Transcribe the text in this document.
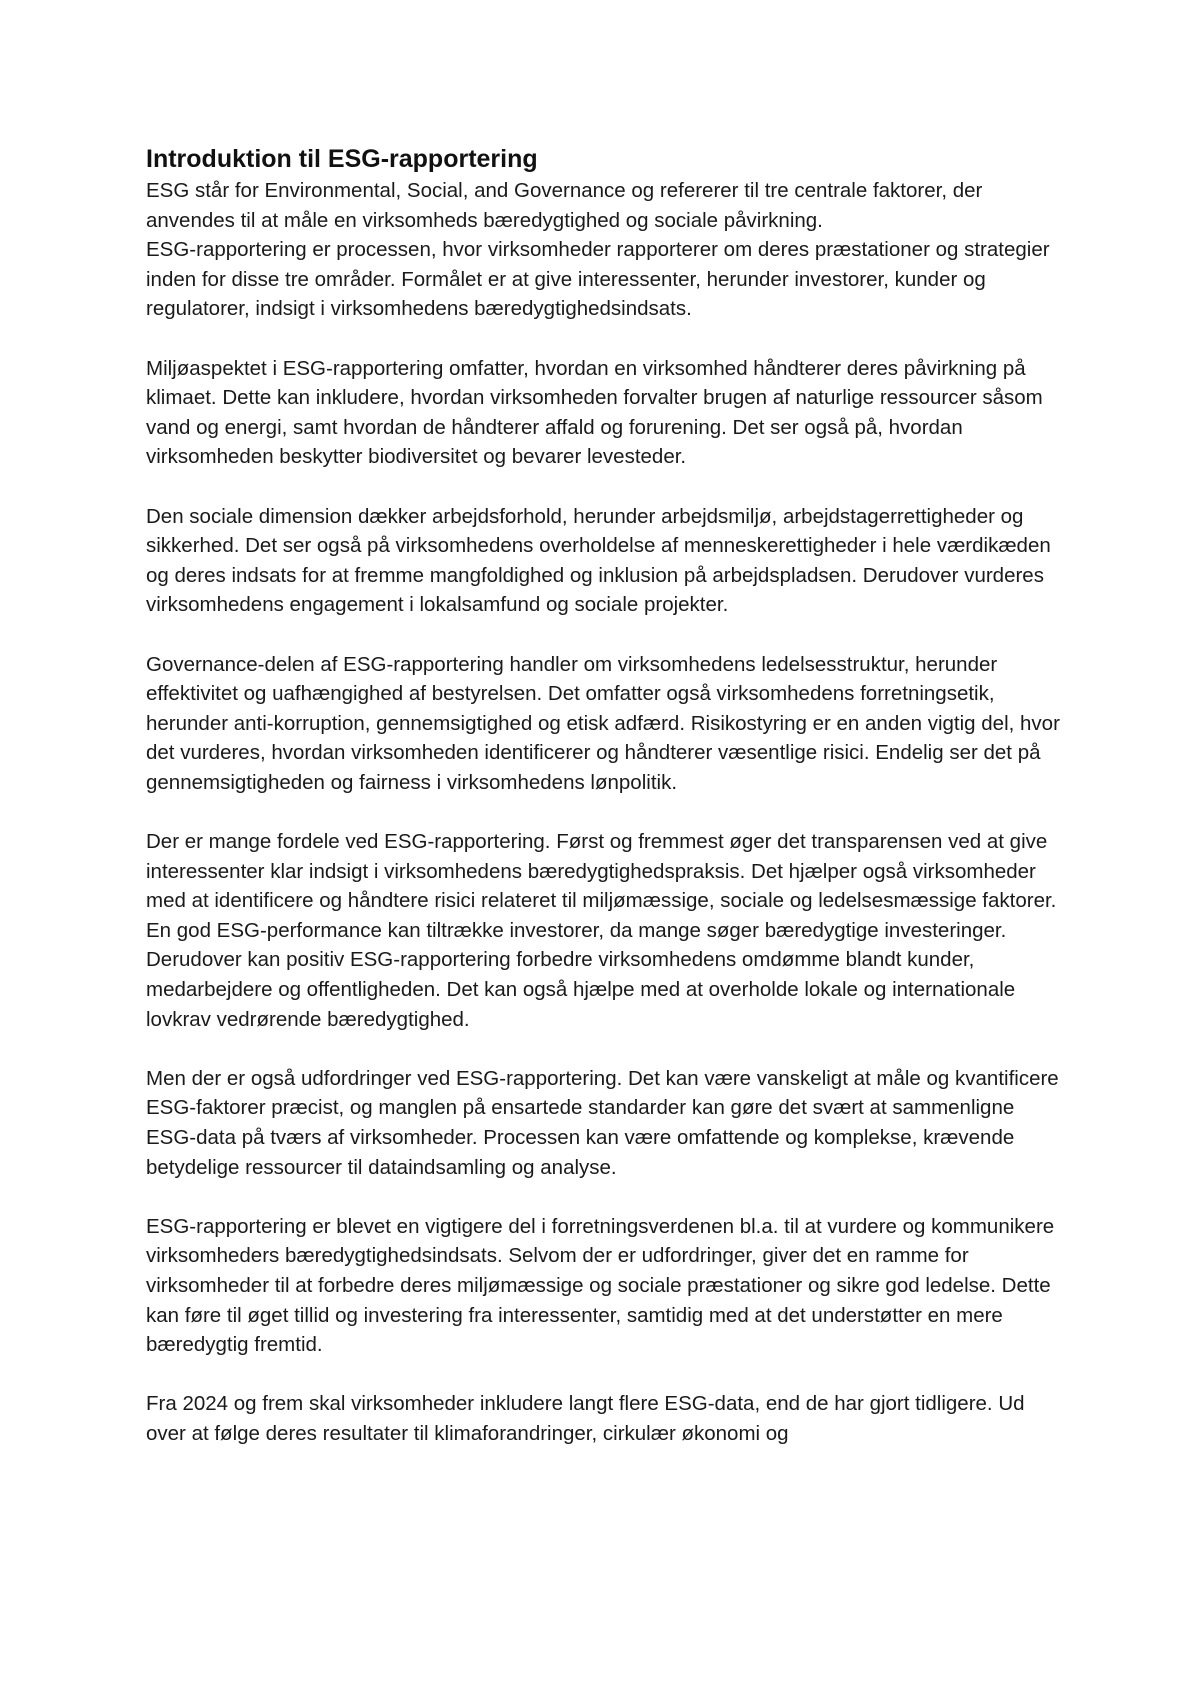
Introduktion til ESG-rapportering

ESG står for Environmental, Social, and Governance og refererer til tre centrale faktorer, der anvendes til at måle en virksomheds bæredygtighed og sociale påvirkning.

ESG-rapportering er processen, hvor virksomheder rapporterer om deres præstationer og strategier inden for disse tre områder. Formålet er at give interessenter, herunder investorer, kunder og regulatorer, indsigt i virksomhedens bæredygtighedsindsats.

Miljøaspektet i ESG-rapportering omfatter, hvordan en virksomhed håndterer deres påvirkning på klimaet. Dette kan inkludere, hvordan virksomheden forvalter brugen af naturlige ressourcer såsom vand og energi, samt hvordan de håndterer affald og forurening. Det ser også på, hvordan virksomheden beskytter biodiversitet og bevarer levesteder.

Den sociale dimension dækker arbejdsforhold, herunder arbejdsmiljø, arbejdstagerrettigheder og sikkerhed. Det ser også på virksomhedens overholdelse af menneskerettigheder i hele værdikæden og deres indsats for at fremme mangfoldighed og inklusion på arbejdspladsen. Derudover vurderes virksomhedens engagement i lokalsamfund og sociale projekter.

Governance-delen af ESG-rapportering handler om virksomhedens ledelsesstruktur, herunder effektivitet og uafhængighed af bestyrelsen. Det omfatter også virksomhedens forretningsetik, herunder anti-korruption, gennemsigtighed og etisk adfærd. Risikostyring er en anden vigtig del, hvor det vurderes, hvordan virksomheden identificerer og håndterer væsentlige risici. Endelig ser det på gennemsigtigheden og fairness i virksomhedens lønpolitik.

Der er mange fordele ved ESG-rapportering. Først og fremmest øger det transparensen ved at give interessenter klar indsigt i virksomhedens bæredygtighedspraksis. Det hjælper også virksomheder med at identificere og håndtere risici relateret til miljømæssige, sociale og ledelsesmæssige faktorer. En god ESG-performance kan tiltrække investorer, da mange søger bæredygtige investeringer. Derudover kan positiv ESG-rapportering forbedre virksomhedens omdømme blandt kunder, medarbejdere og offentligheden. Det kan også hjælpe med at overholde lokale og internationale lovkrav vedrørende bæredygtighed.

Men der er også udfordringer ved ESG-rapportering. Det kan være vanskeligt at måle og kvantificere ESG-faktorer præcist, og manglen på ensartede standarder kan gøre det svært at sammenligne ESG-data på tværs af virksomheder. Processen kan være omfattende og komplekse, krævende betydelige ressourcer til dataindsamling og analyse.

ESG-rapportering er blevet en vigtigere del i forretningsverdenen bl.a. til at vurdere og kommunikere virksomheders bæredygtighedsindsats. Selvom der er udfordringer, giver det en ramme for virksomheder til at forbedre deres miljømæssige og sociale præstationer og sikre god ledelse. Dette kan føre til øget tillid og investering fra interessenter, samtidig med at det understøtter en mere bæredygtig fremtid.

Fra 2024 og frem skal virksomheder inkludere langt flere ESG-data, end de har gjort tidligere. Ud over at følge deres resultater til klimaforandringer, cirkulær økonomi og
